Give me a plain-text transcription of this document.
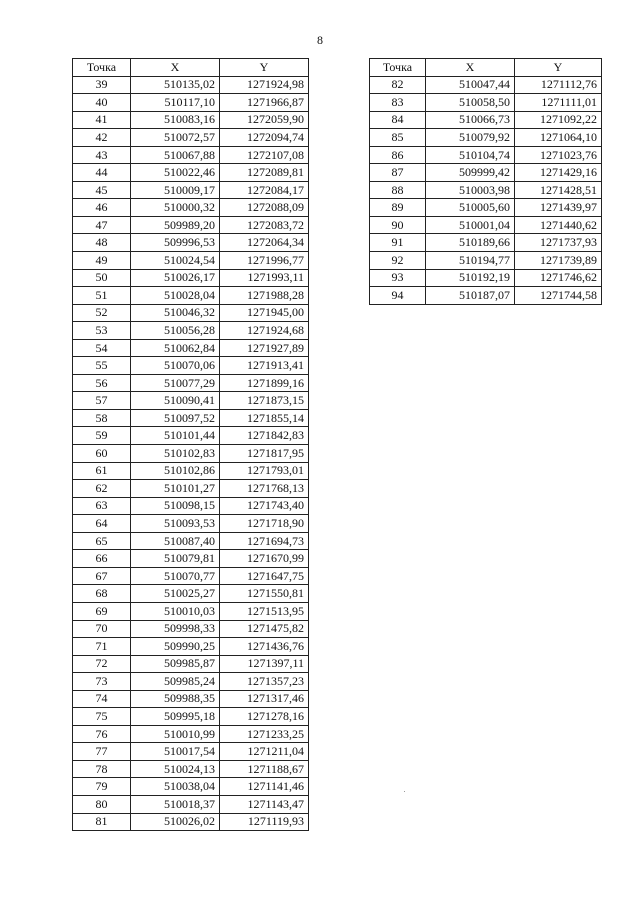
8
Точка	X	Y
39	510135,02	1271924,98
40	510117,10	1271966,87
41	510083,16	1272059,90
42	510072,57	1272094,74
43	510067,88	1272107,08
44	510022,46	1272089,81
45	510009,17	1272084,17
46	510000,32	1272088,09
47	509989,20	1272083,72
48	509996,53	1272064,34
49	510024,54	1271996,77
50	510026,17	1271993,11
51	510028,04	1271988,28
52	510046,32	1271945,00
53	510056,28	1271924,68
54	510062,84	1271927,89
55	510070,06	1271913,41
56	510077,29	1271899,16
57	510090,41	1271873,15
58	510097,52	1271855,14
59	510101,44	1271842,83
60	510102,83	1271817,95
61	510102,86	1271793,01
62	510101,27	1271768,13
63	510098,15	1271743,40
64	510093,53	1271718,90
65	510087,40	1271694,73
66	510079,81	1271670,99
67	510070,77	1271647,75
68	510025,27	1271550,81
69	510010,03	1271513,95
70	509998,33	1271475,82
71	509990,25	1271436,76
72	509985,87	1271397,11
73	509985,24	1271357,23
74	509988,35	1271317,46
75	509995,18	1271278,16
76	510010,99	1271233,25
77	510017,54	1271211,04
78	510024,13	1271188,67
79	510038,04	1271141,46
80	510018,37	1271143,47
81	510026,02	1271119,93
Точка	X	Y
82	510047,44	1271112,76
83	510058,50	1271111,01
84	510066,73	1271092,22
85	510079,92	1271064,10
86	510104,74	1271023,76
87	509999,42	1271429,16
88	510003,98	1271428,51
89	510005,60	1271439,97
90	510001,04	1271440,62
91	510189,66	1271737,93
92	510194,77	1271739,89
93	510192,19	1271746,62
94	510187,07	1271744,58
